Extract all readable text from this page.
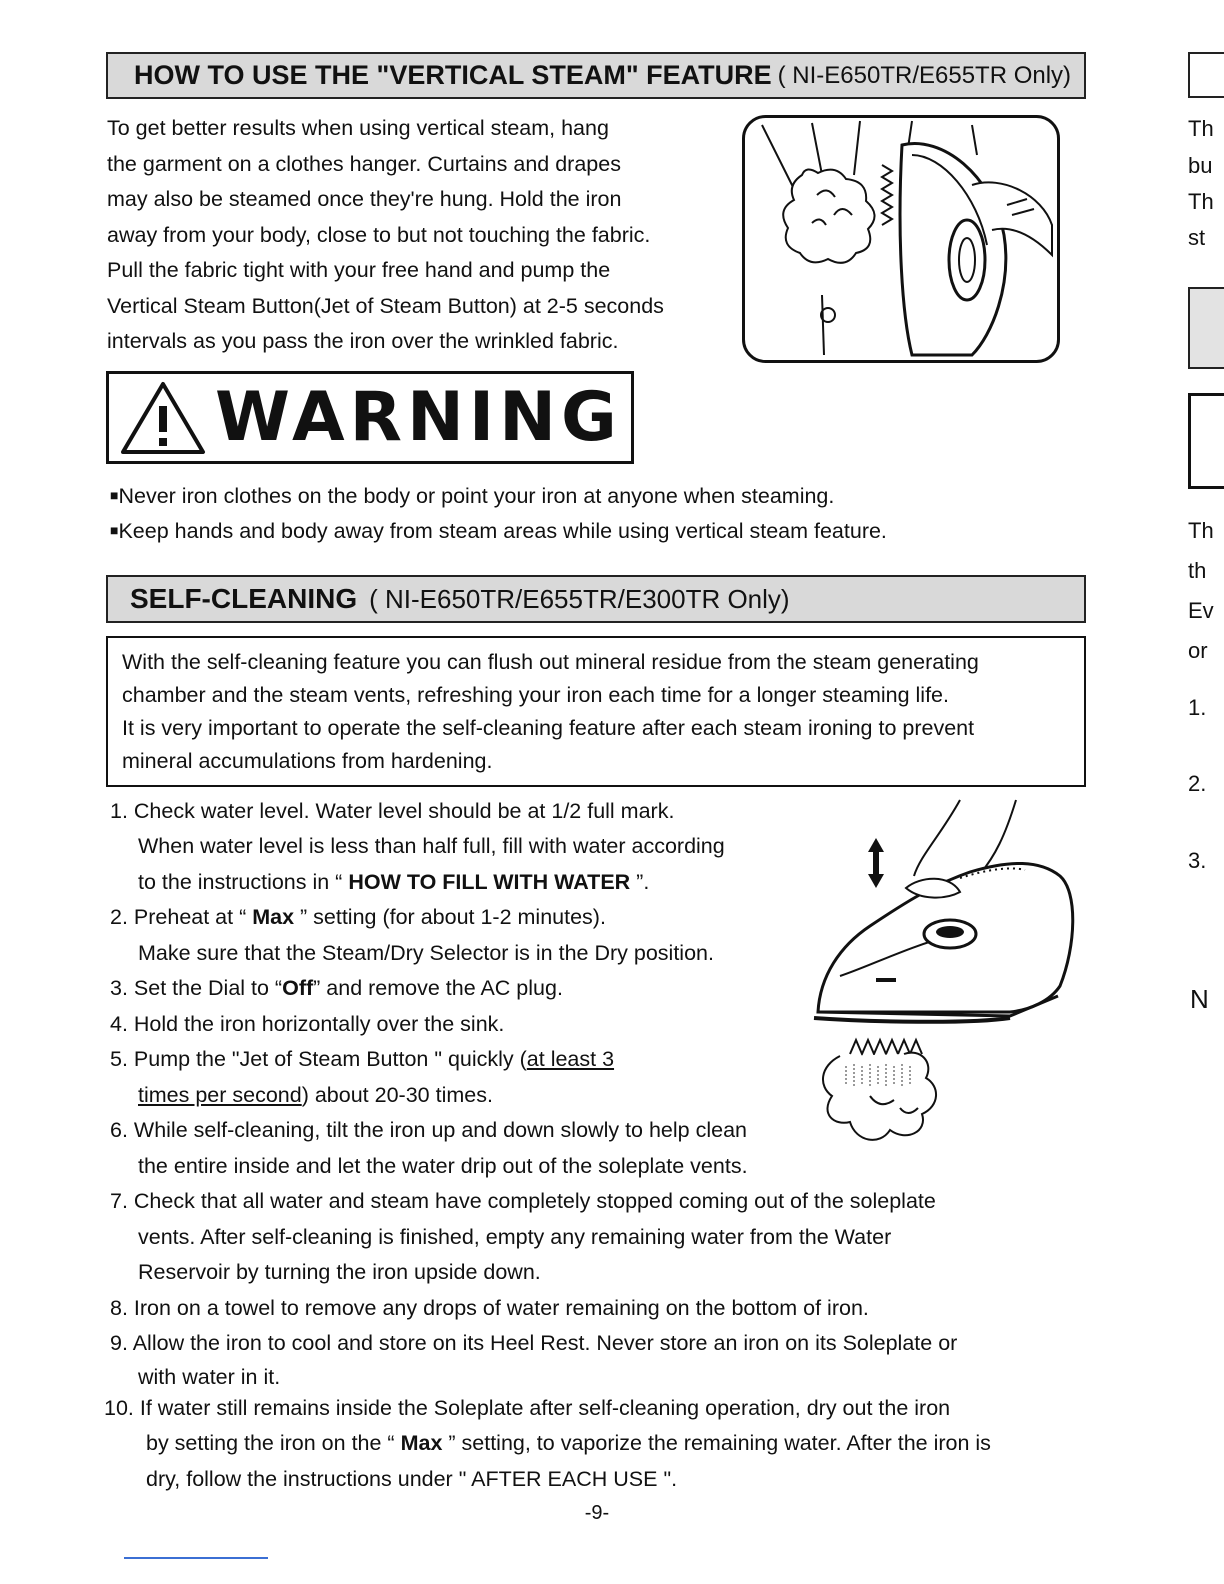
HOW TO USE THE "VERTICAL STEAM" FEATURE ( NI-E650TR/E655TR Only)
To get better results when using vertical steam, hang
the garment on a clothes hanger. Curtains and drapes
may also be steamed once they're hung. Hold the iron
away from your body, close to but not touching the fabric.
Pull the fabric tight with your free hand and pump the
Vertical Steam Button(Jet of Steam Button) at 2-5 seconds
intervals as you pass the iron over the wrinkled fabric.
WARNING
■Never iron clothes on the body or point your iron at anyone when steaming.
■Keep hands and body away from steam areas while using vertical steam feature.
SELF-CLEANING ( NI-E650TR/E655TR/E300TR Only)
With the self-cleaning feature you can flush out mineral residue from the steam generating
chamber and the steam vents, refreshing your iron each time for a longer steaming life.
It is very important to operate the self-cleaning feature after each steam ironing to prevent
mineral accumulations from hardening.
1. Check water level. Water level should be at 1/2 full mark.
When water level is less than half full, fill with water according
to the instructions in “ HOW TO FILL WITH WATER ”.
2. Preheat at “ Max ” setting (for about 1-2 minutes).
Make sure that the Steam/Dry Selector is in the Dry position.
3. Set the Dial to “Off” and remove the AC plug.
4. Hold the iron horizontally over the sink.
5. Pump the "Jet of Steam Button " quickly (at least 3
times per second) about 20-30 times.
6. While self-cleaning, tilt the iron up and down slowly to help clean
the entire inside and let the water drip out of the soleplate vents.
7. Check that all water and steam have completely stopped coming out of the soleplate
vents. After self-cleaning is finished, empty any remaining water from the Water
Reservoir by turning the iron upside down.
8. Iron on a towel to remove any drops of water remaining on the bottom of iron.
9. Allow the iron to cool and store on its Heel Rest. Never store an iron on its Soleplate or
with water in it.
10. If water still remains inside the Soleplate after self-cleaning operation, dry out the iron
by setting the iron on the “ Max ” setting, to vaporize the remaining water. After the iron is
dry, follow the instructions under " AFTER EACH USE ".
-9-
Th
bu
Th
st
Th
th
Ev
or
1.
2.
3.
N
